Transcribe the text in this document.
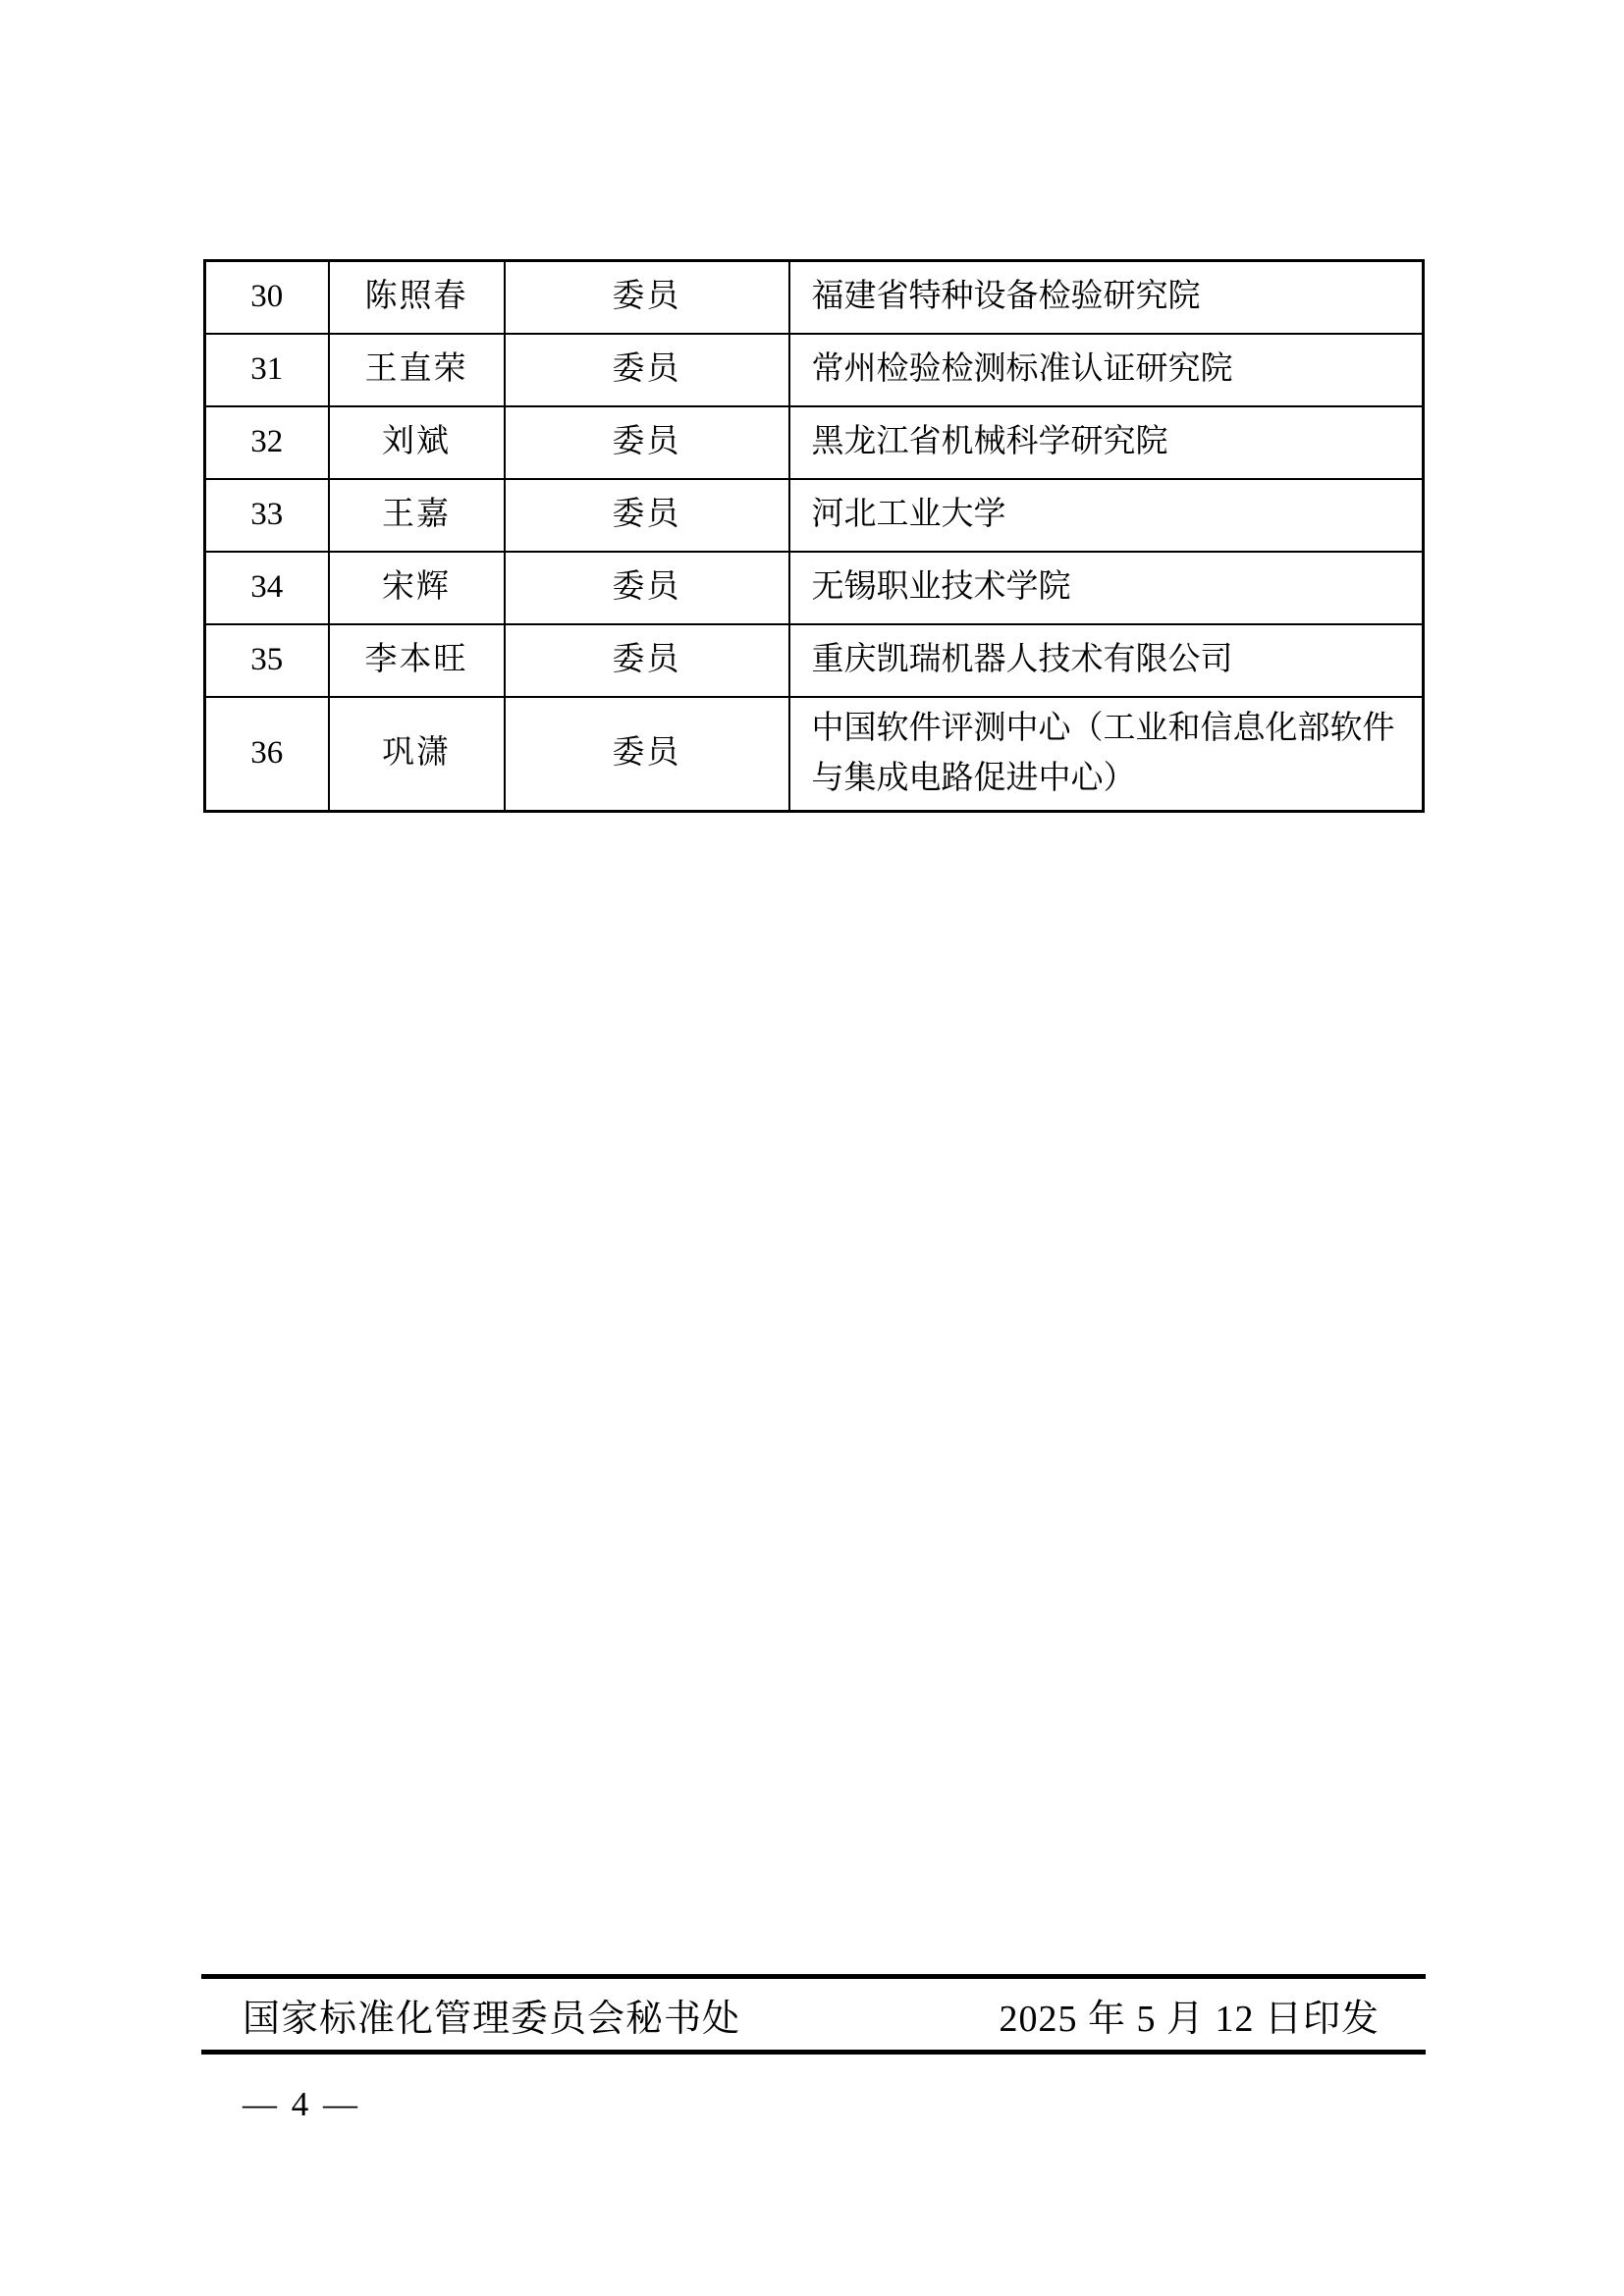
30	陈照春	委员	福建省特种设备检验研究院
31	王直荣	委员	常州检验检测标准认证研究院
32	刘斌	委员	黑龙江省机械科学研究院
33	王嘉	委员	河北工业大学
34	宋辉	委员	无锡职业技术学院
35	李本旺	委员	重庆凯瑞机器人技术有限公司
36	巩潇	委员	中国软件评测中心（工业和信息化部软件与集成电路促进中心）
国家标准化管理委员会秘书处	2025 年 5 月 12 日印发
— 4 —
